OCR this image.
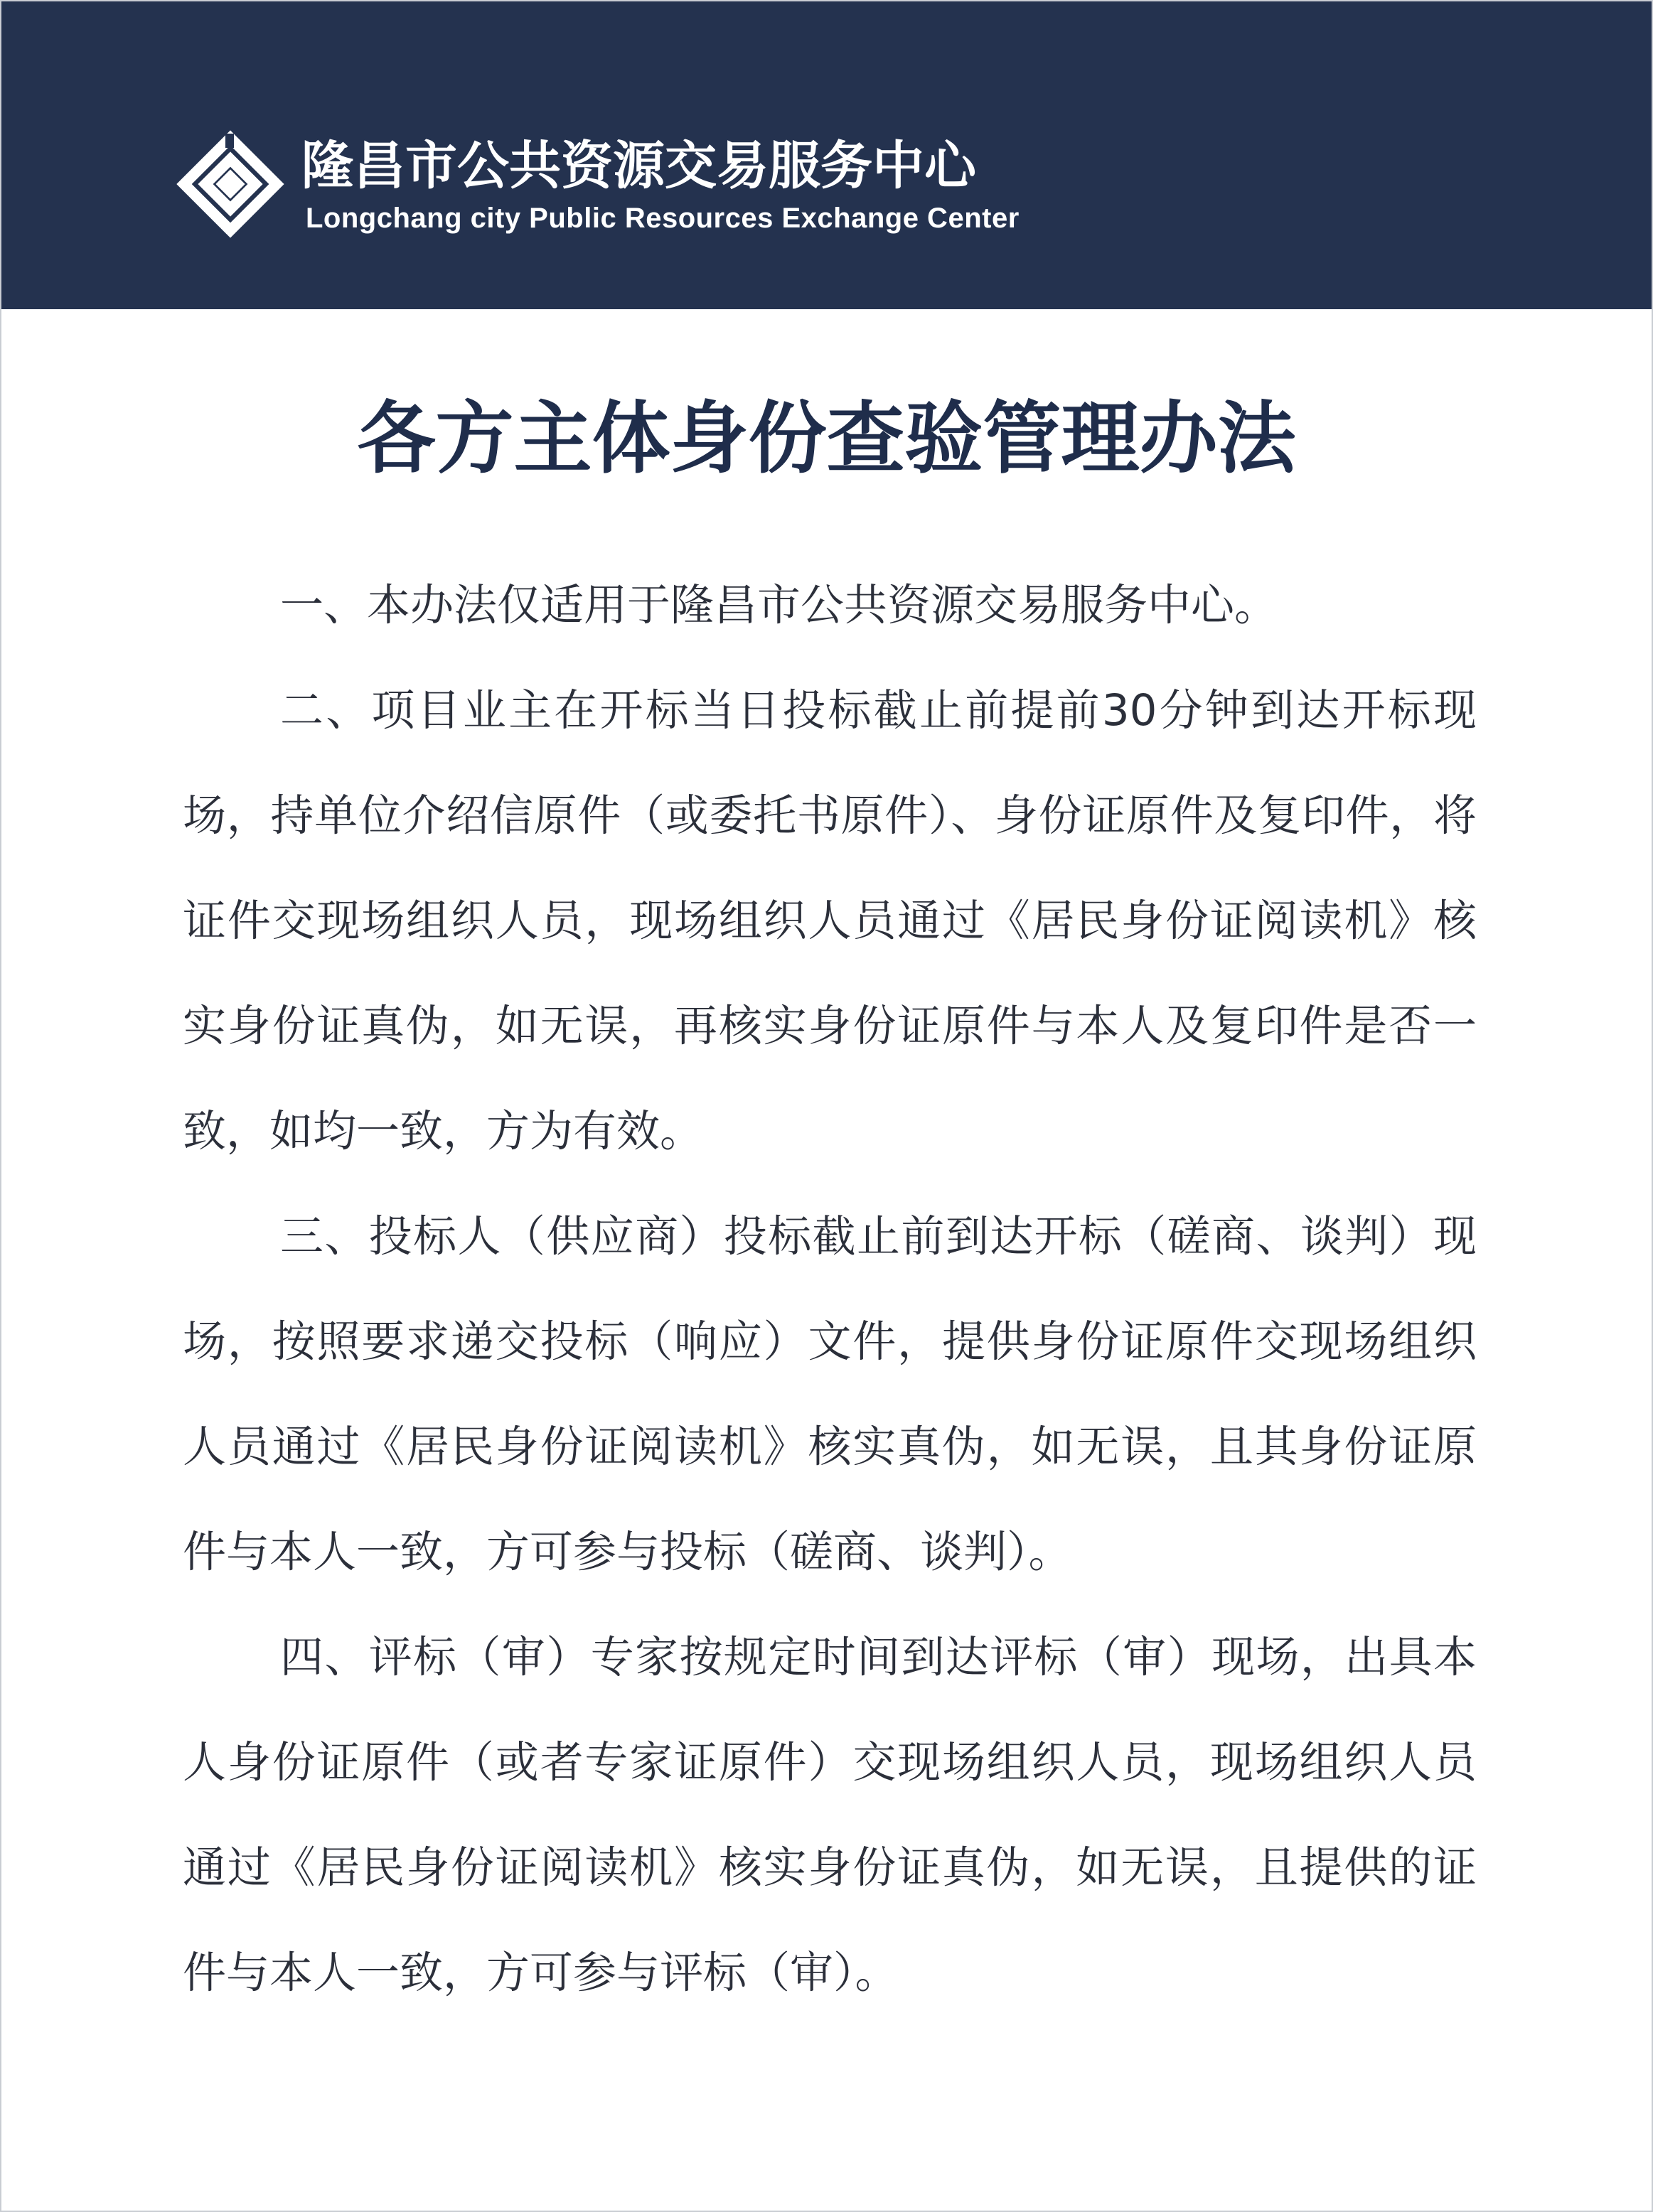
隆昌市公共资源交易服务中心
Longchang city Public Resources Exchange Center
各方主体身份查验管理办法

一、本办法仅适用于隆昌市公共资源交易服务中心。

二、项目业主在开标当日投标截止前提前30分钟到达开标现场，持单位介绍信原件（或委托书原件）、身份证原件及复印件，将证件交现场组织人员，现场组织人员通过《居民身份证阅读机》核实身份证真伪，如无误，再核实身份证原件与本人及复印件是否一致，如均一致，方为有效。

三、投标人（供应商）投标截止前到达开标（磋商、谈判）现场，按照要求递交投标（响应）文件，提供身份证原件交现场组织人员通过《居民身份证阅读机》核实真伪，如无误，且其身份证原件与本人一致，方可参与投标（磋商、谈判）。

四、评标（审）专家按规定时间到达评标（审）现场，出具本人身份证原件（或者专家证原件）交现场组织人员，现场组织人员通过《居民身份证阅读机》核实身份证真伪，如无误，且提供的证件与本人一致，方可参与评标（审）。
